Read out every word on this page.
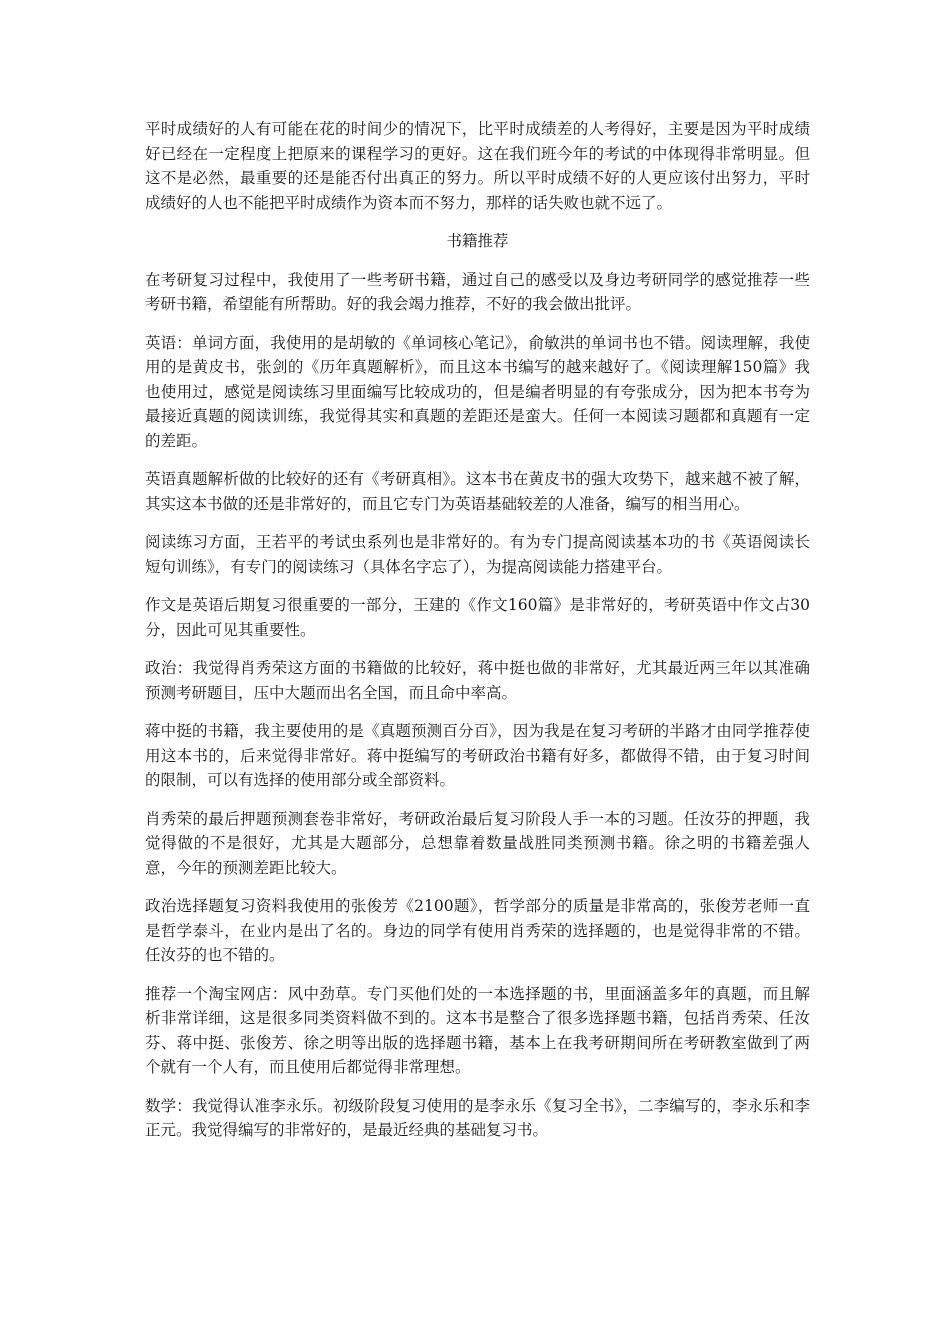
平时成绩好的人有可能在花的时间少的情况下，比平时成绩差的人考得好，主要是因为平时成绩好已经在一定程度上把原来的课程学习的更好。这在我们班今年的考试的中体现得非常明显。但这不是必然，最重要的还是能否付出真正的努力。所以平时成绩不好的人更应该付出努力，平时成绩好的人也不能把平时成绩作为资本而不努力，那样的话失败也就不远了。

书籍推荐

在考研复习过程中，我使用了一些考研书籍，通过自己的感受以及身边考研同学的感觉推荐一些考研书籍，希望能有所帮助。好的我会竭力推荐，不好的我会做出批评。

英语：单词方面，我使用的是胡敏的《单词核心笔记》，俞敏洪的单词书也不错。阅读理解，我使用的是黄皮书，张剑的《历年真题解析》，而且这本书编写的越来越好了。《阅读理解150篇》我也使用过，感觉是阅读练习里面编写比较成功的，但是编者明显的有夸张成分，因为把本书夸为最接近真题的阅读训练，我觉得其实和真题的差距还是蛮大。任何一本阅读习题都和真题有一定的差距。

英语真题解析做的比较好的还有《考研真相》。这本书在黄皮书的强大攻势下，越来越不被了解，其实这本书做的还是非常好的，而且它专门为英语基础较差的人准备，编写的相当用心。

阅读练习方面，王若平的考试虫系列也是非常好的。有为专门提高阅读基本功的书《英语阅读长短句训练》，有专门的阅读练习（具体名字忘了），为提高阅读能力搭建平台。

作文是英语后期复习很重要的一部分，王建的《作文160篇》是非常好的，考研英语中作文占30分，因此可见其重要性。

政治：我觉得肖秀荣这方面的书籍做的比较好，蒋中挺也做的非常好，尤其最近两三年以其准确预测考研题目，压中大题而出名全国，而且命中率高。

蒋中挺的书籍，我主要使用的是《真题预测百分百》，因为我是在复习考研的半路才由同学推荐使用这本书的，后来觉得非常好。蒋中挺编写的考研政治书籍有好多，都做得不错，由于复习时间的限制，可以有选择的使用部分或全部资料。

肖秀荣的最后押题预测套卷非常好，考研政治最后复习阶段人手一本的习题。任汝芬的押题，我觉得做的不是很好，尤其是大题部分，总想靠着数量战胜同类预测书籍。徐之明的书籍差强人意，今年的预测差距比较大。

政治选择题复习资料我使用的张俊芳《2100题》，哲学部分的质量是非常高的，张俊芳老师一直是哲学泰斗，在业内是出了名的。身边的同学有使用肖秀荣的选择题的，也是觉得非常的不错。任汝芬的也不错的。

推荐一个淘宝网店：风中劲草。专门买他们处的一本选择题的书，里面涵盖多年的真题，而且解析非常详细，这是很多同类资料做不到的。这本书是整合了很多选择题书籍，包括肖秀荣、任汝芬、蒋中挺、张俊芳、徐之明等出版的选择题书籍，基本上在我考研期间所在考研教室做到了两个就有一个人有，而且使用后都觉得非常理想。

数学：我觉得认准李永乐。初级阶段复习使用的是李永乐《复习全书》，二李编写的，李永乐和李正元。我觉得编写的非常好的，是最近经典的基础复习书。
